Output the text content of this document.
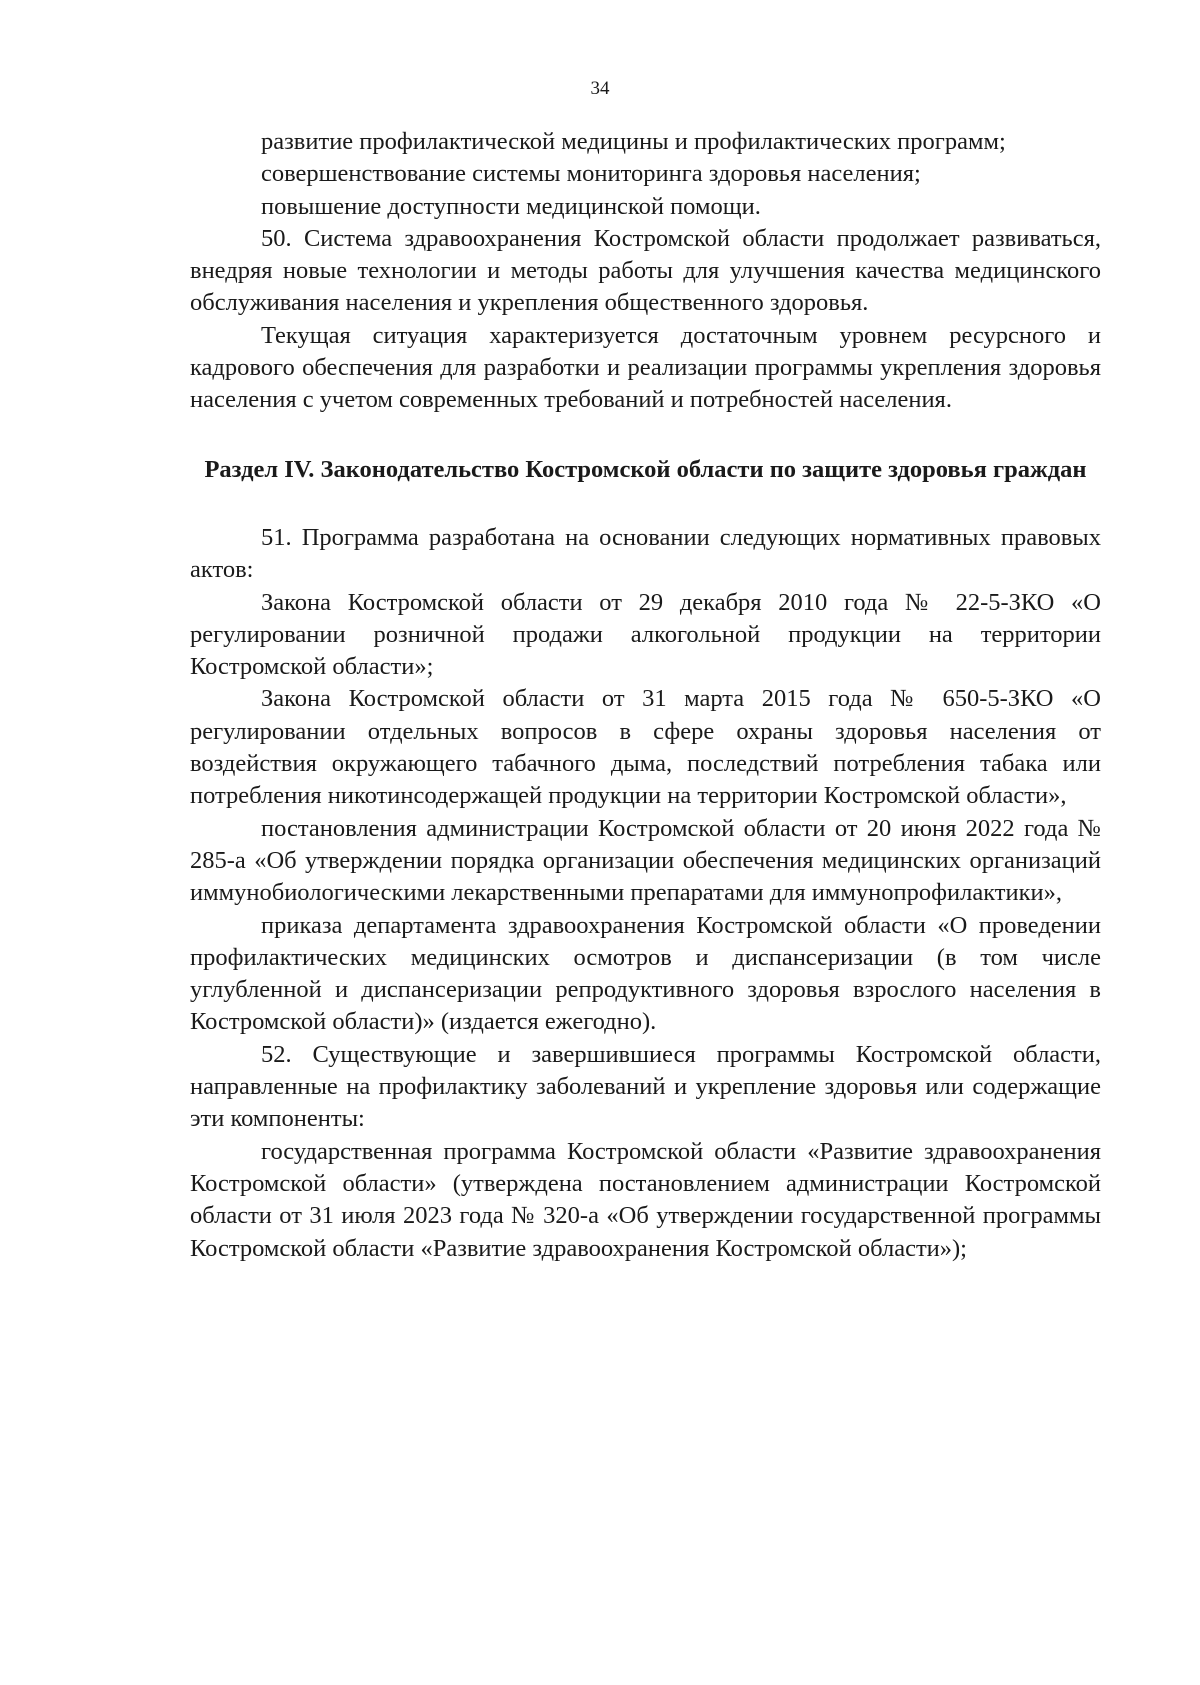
34

развитие профилактической медицины и профилактических программ;

совершенствование системы мониторинга здоровья населения;

повышение доступности медицинской помощи.

50. Система здравоохранения Костромской области продолжает развиваться, внедряя новые технологии и методы работы для улучшения качества медицинского обслуживания населения и укрепления общественного здоровья.

Текущая ситуация характеризуется достаточным уровнем ресурсного и кадрового обеспечения для разработки и реализации программы укрепления здоровья населения с учетом современных требований и потребностей населения.

Раздел IV. Законодательство Костромской области по защите здоровья граждан

51. Программа разработана на основании следующих нормативных правовых актов:

Закона Костромской области от 29 декабря 2010 года № 22-5-ЗКО «О регулировании розничной продажи алкогольной продукции на территории Костромской области»;

Закона Костромской области от 31 марта 2015 года № 650-5-ЗКО «О регулировании отдельных вопросов в сфере охраны здоровья населения от воздействия окружающего табачного дыма, последствий потребления табака или потребления никотинсодержащей продукции на территории Костромской области»,

постановления администрации Костромской области от 20 июня 2022 года № 285-а «Об утверждении порядка организации обеспечения медицинских организаций иммунобиологическими лекарственными препаратами для иммунопрофилактики»,

приказа департамента здравоохранения Костромской области «О проведении профилактических медицинских осмотров и диспансеризации (в том числе углубленной и диспансеризации репродуктивного здоровья взрослого населения в Костромской области)» (издается ежегодно).

52. Существующие и завершившиеся программы Костромской области, направленные на профилактику заболеваний и укрепление здоровья или содержащие эти компоненты:

государственная программа Костромской области «Развитие здравоохранения Костромской области» (утверждена постановлением администрации Костромской области от 31 июля 2023 года № 320-а «Об утверждении государственной программы Костромской области «Развитие здравоохранения Костромской области»);
